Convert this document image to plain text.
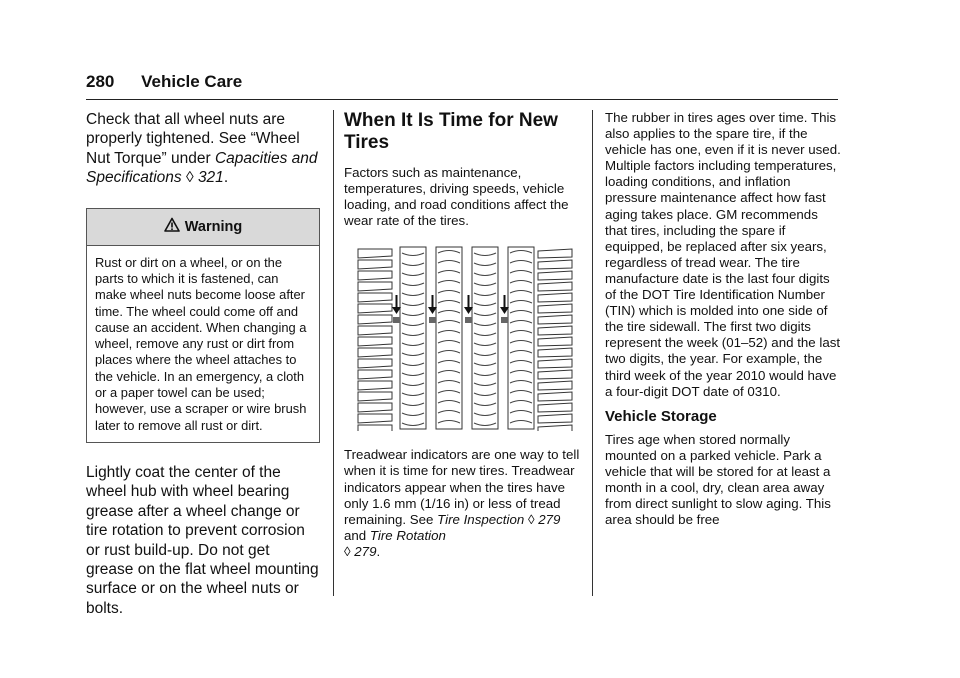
280 Vehicle Care

Check that all wheel nuts are properly tightened. See “Wheel Nut Torque” under Capacities and Specifications ◊ 321.

Warning
Rust or dirt on a wheel, or on the parts to which it is fastened, can make wheel nuts become loose after time. The wheel could come off and cause an accident. When changing a wheel, remove any rust or dirt from places where the wheel attaches to the vehicle. In an emergency, a cloth or a paper towel can be used; however, use a scraper or wire brush later to remove all rust or dirt.

Lightly coat the center of the wheel hub with wheel bearing grease after a wheel change or tire rotation to prevent corrosion or rust build-up. Do not get grease on the flat wheel mounting surface or on the wheel nuts or bolts.

When It Is Time for New Tires

Factors such as maintenance, temperatures, driving speeds, vehicle loading, and road conditions affect the wear rate of the tires.

Treadwear indicators are one way to tell when it is time for new tires. Treadwear indicators appear when the tires have only 1.6 mm (1/16 in) or less of tread remaining. See Tire Inspection ◊ 279 and Tire Rotation
◊ 279.

The rubber in tires ages over time. This also applies to the spare tire, if the vehicle has one, even if it is never used. Multiple factors including temperatures, loading conditions, and inflation pressure maintenance affect how fast aging takes place. GM recommends that tires, including the spare if equipped, be replaced after six years, regardless of tread wear. The tire manufacture date is the last four digits of the DOT Tire Identification Number (TIN) which is molded into one side of the tire sidewall. The first two digits represent the week (01–52) and the last two digits, the year. For example, the third week of the year 2010 would have a four-digit DOT date of 0310.

Vehicle Storage

Tires age when stored normally mounted on a parked vehicle. Park a vehicle that will be stored for at least a month in a cool, dry, clean area away from direct sunlight to slow aging. This area should be free
